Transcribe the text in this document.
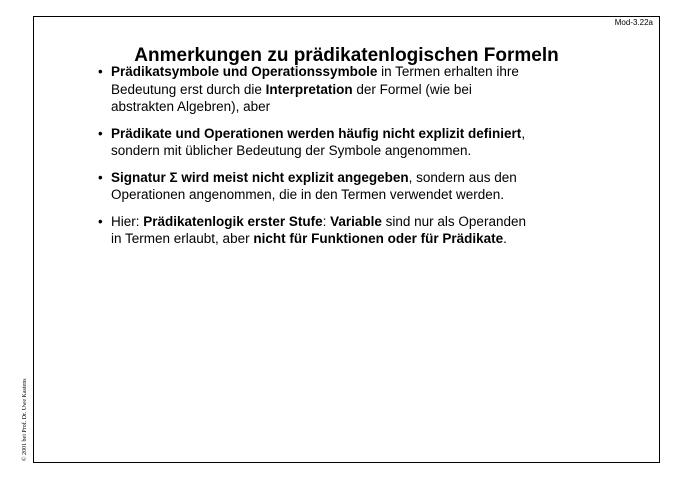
Mod-3.22a
Anmerkungen zu prädikatenlogischen Formeln
• Prädikatsymbole und Operationssymbole in Termen erhalten ihre Bedeutung erst durch die Interpretation der Formel (wie bei abstrakten Algebren), aber
• Prädikate und Operationen werden häufig nicht explizit definiert, sondern mit üblicher Bedeutung der Symbole angenommen.
• Signatur Σ wird meist nicht explizit angegeben, sondern aus den Operationen angenommen, die in den Termen verwendet werden.
• Hier: Prädikatenlogik erster Stufe: Variable sind nur als Operanden in Termen erlaubt, aber nicht für Funktionen oder für Prädikate.
© 2001 bei Prof. Dr. Uwe Kastens
